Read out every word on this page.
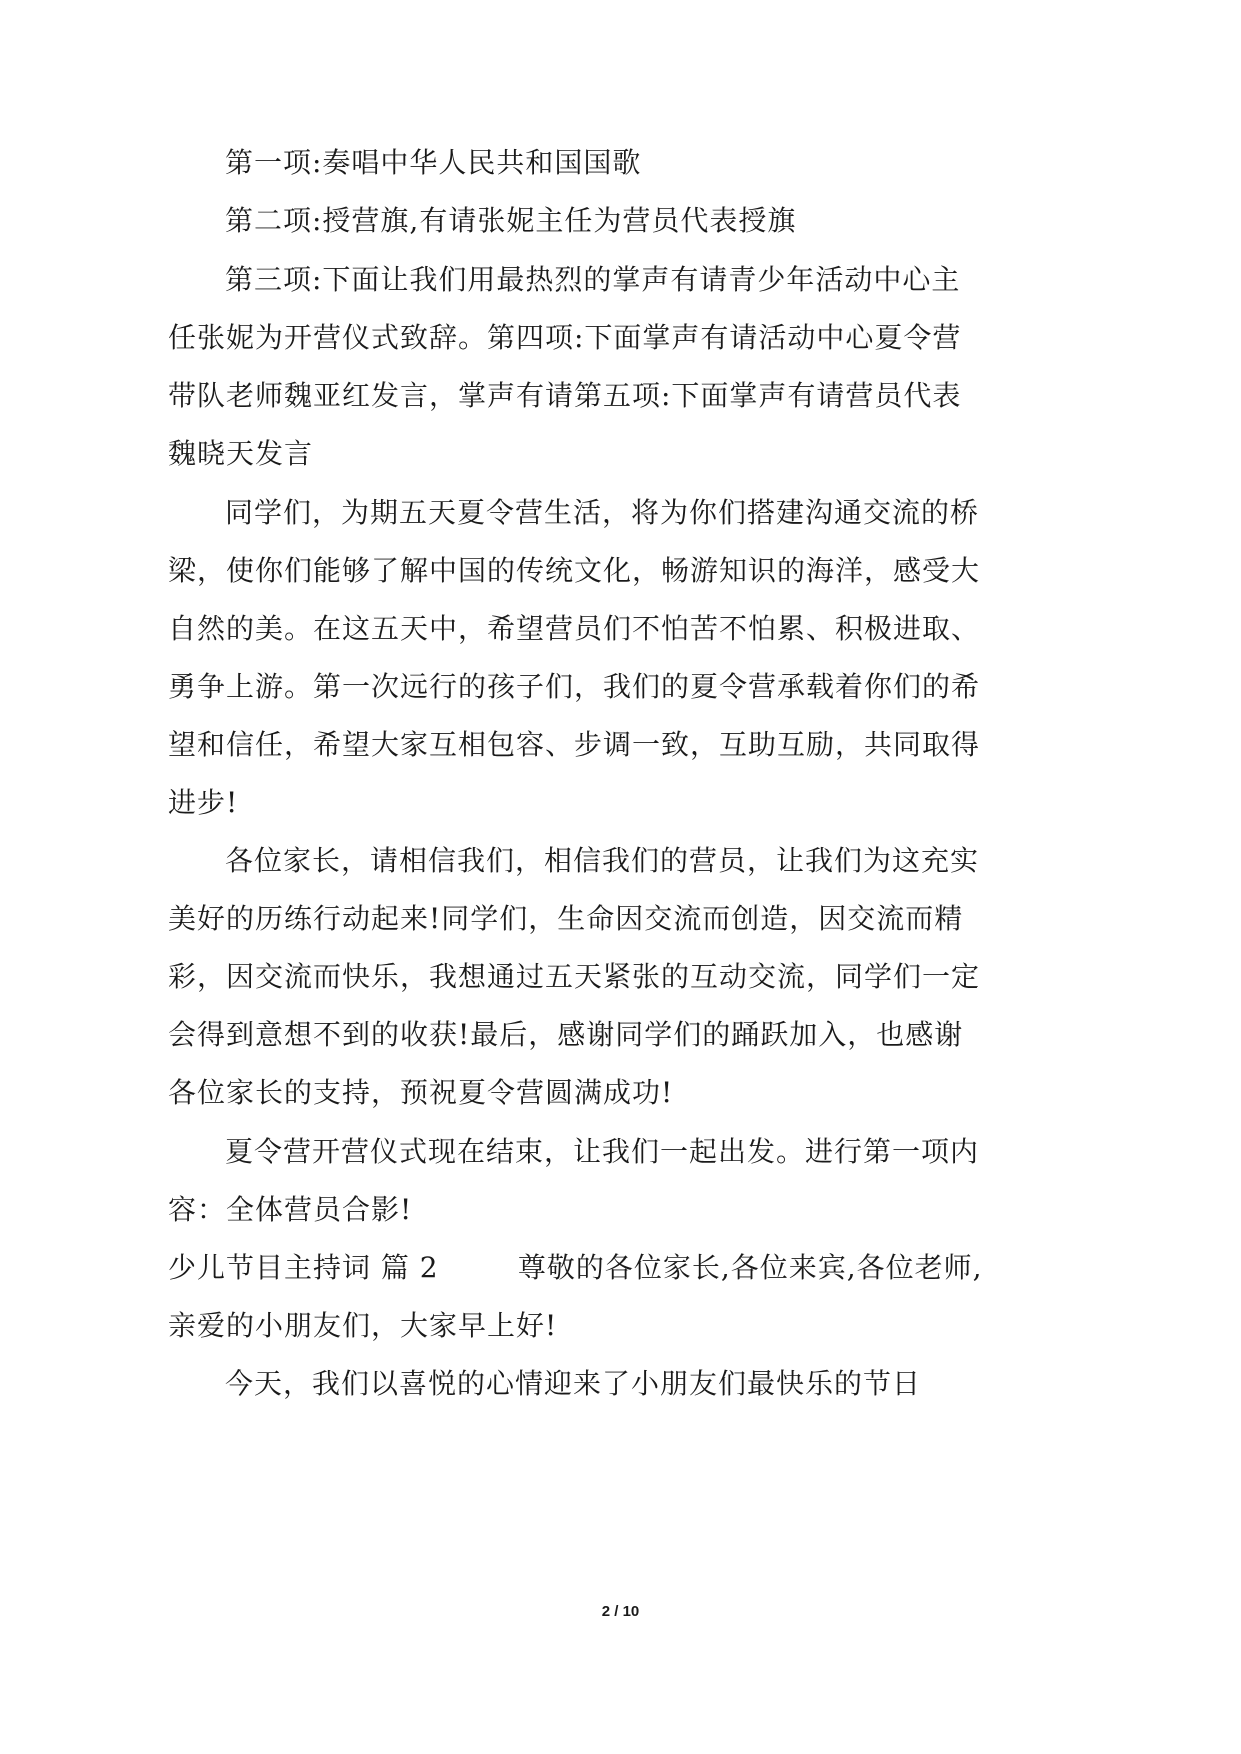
第一项:奏唱中华人民共和国国歌
第二项:授营旗,有请张妮主任为营员代表授旗
第三项:下面让我们用最热烈的掌声有请青少年活动中心主
任张妮为开营仪式致辞。第四项:下面掌声有请活动中心夏令营
带队老师魏亚红发言，掌声有请第五项:下面掌声有请营员代表
魏晓天发言
同学们，为期五天夏令营生活，将为你们搭建沟通交流的桥
梁，使你们能够了解中国的传统文化，畅游知识的海洋，感受大
自然的美。在这五天中，希望营员们不怕苦不怕累、积极进取、
勇争上游。第一次远行的孩子们，我们的夏令营承载着你们的希
望和信任，希望大家互相包容、步调一致，互助互励，共同取得
进步!
各位家长，请相信我们，相信我们的营员，让我们为这充实
美好的历练行动起来!同学们，生命因交流而创造，因交流而精
彩，因交流而快乐，我想通过五天紧张的互动交流，同学们一定
会得到意想不到的收获!最后，感谢同学们的踊跃加入，也感谢
各位家长的支持，预祝夏令营圆满成功!
夏令营开营仪式现在结束，让我们一起出发。进行第一项内
容：全体营员合影!
少儿节目主持词 篇 2        尊敬的各位家长,各位来宾,各位老师,
亲爱的小朋友们，大家早上好!
今天，我们以喜悦的心情迎来了小朋友们最快乐的节日
2 / 10
